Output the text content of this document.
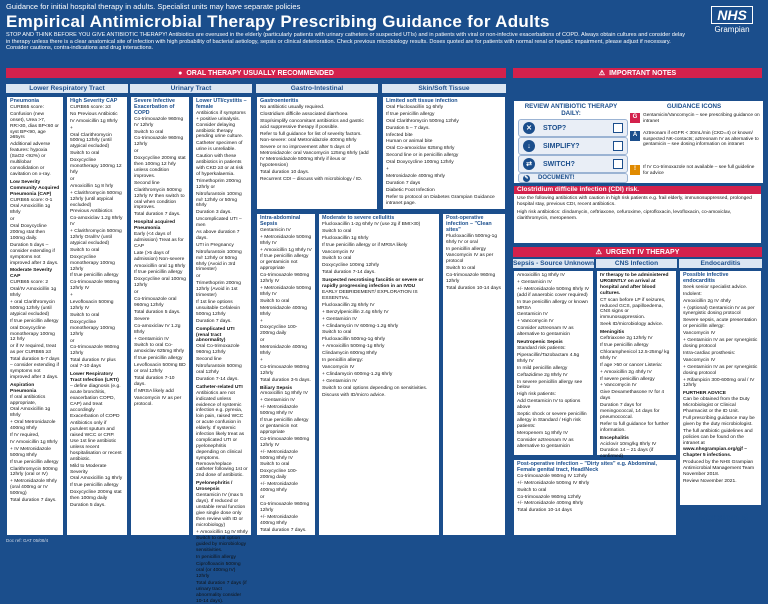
Guidance for initial hospital therapy in adults. Specialist units may have separate policies
Empirical Antimicrobial Therapy Prescribing Guidance for Adults
STOP AND THINK BEFORE YOU GIVE ANTIBIOTIC THERAPY! Antibiotics are overused in the elderly (particularly patients with urinary catheters or suspected UTIs) and in patients with viral or non-infective exacerbations of COPD. Always obtain cultures and consider delay in therapy unless there is a clear anatomical site of infection with high probability of bacterial aetiology, sepsis or clinical deterioration. Check previous microbiology results. Doses quoted are for patients with normal renal or hepatic impairment, please adjust if necessary. Consider cautions, contra-indications and drug interactions.
NHS
Grampian
● ORAL THERAPY USUALLY RECOMMENDED	⚠ IMPORTANT NOTES
Lower Respiratory Tract	Urinary Tract	Gastro-Intestinal	Skin/Soft Tissue
Pneumonia

CURB65 score:

Confusion (new onset), Urea >7, RR>30, dias BP<60 or syst BP<90, age ≥65yrs

Additional adverse features: hypoxia (SaO2 <92%) or multilobar consolidation or cavitation on x-ray.

Low Severity Community Acquired Pneumonia (CAP)

CURB65 score: 0-1

Oral Amoxicillin 1g 8hrly

or

Oral Doxycycline 200mg stat then 100mg daily.

Duration 5 days – consider extending if symptoms not improved after 3 days.

Moderate Severity CAP

CURB65 score: 2

Oral/IV Amoxicillin 1g 8hrly

+ oral Clarithromycin 500mg 12hrly (until atypical excluded)

If true penicillin allergy

oral Doxycycline monotherapy 100mg 12 hrly

or if IV required, treat as per CURB65 ≥3

Total duration 5-7 days – consider extending if symptoms not improved after 3 days.

Aspiration Pneumonia

If oral antibiotics appropriate,

Oral Amoxicillin 1g 8hrly

+ Oral Metronidazole 400mg 8hrly

If IV required,

IV Amoxicillin 1g 8hrly

+ IV Metronidazole 500mg 8hrly

If true penicillin allergy

Clarithromycin 500mg 12hrly (oral or IV)

+ Metronidazole 8hrly (oral 400mg or IV 500mg)

Total duration 7 days.

High Severity CAP

CURB65 score: ≥3

No Previous Antibiotic

IV Amoxicillin 1g 8hrly

+

Oral Clarithromycin 500mg 12hrly (until atypical excluded)

Switch to oral

Doxycycline monotherapy 100mg 12 hrly

or

Amoxicillin 1g 8 hrly

+ Clarithromycin 500mg 12hrly (until atypical excluded)

Previous Antibiotics

Co-amoxiclav 1.2g 8hrly IV

+ Clarithromycin 500mg 12hrly Oral/IV (until atypical excluded)

Switch to oral

Doxycycline monotherapy 100mg 12hrly

If true penicillin allergy

Co-trimoxazole 960mg 12hrly IV

+

Levofloxacin 500mg 12hrly IV

Switch to oral

Doxycycline monotherapy 100mg 12hrly

or

Co-trimoxazole 960mg 12hrly

Total duration IV plus oral 7-10 days

Lower Respiratory Tract Infection (LRTI)

– define diagnosis (e.g. acute bronchitis, exacerbation COPD, CAP) and treat accordingly

Exacerbation of COPD

Antibiotics only if purulent sputum and raised WCC or CRP. Use 1st line antibiotic unless recent hospitalisation or recent antibiotic.

Mild to Moderate Severity

Oral Amoxicillin 1g 8hrly

If true penicillin allergy

Doxycycline 200mg stat then 100mg daily

Duration 5 days.

Severe Infective Exacerbation of COPD

Co-trimoxazole 960mg IV 12hrly

Switch to oral

Co-trimoxazole 960mg 12hrly

or

Doxycycline 200mg stat then 100mg 12 hrly unless condition improves.

Second line

Clarithromycin 500mg 12hrly IV then switch to oral when condition improves.

Total duration 7 days.

Hospital acquired Pneumonia

Early (<4 days of admission) Treat as for CAP

Late (>5 days of admission) Non-severe

Amoxicillin oral 1g 8hrly

If true penicillin allergy

Doxycycline oral 100mg 12hrly

or

Co-trimoxazole oral 960mg 12hrly

Total duration 5 days.

Severe

Co-amoxiclav IV 1.2g 8hrly

+ Gentamicin IV

Switch to oral Co-amoxiclav 625mg 8hrly

If true penicillin allergy

Levofloxacin 500mg BD or oral 12hrly

Total duration 7-10 days.

If MRSA likely add

Vancomycin IV as per protocol.

Lower UTI/cystitis – female

Antibiotics if symptoms + positive urinalysis. Consider delaying antibiotic therapy pending urine culture.

Catheter specimen of urine is unreliable.

Caution with these antibiotics in patients with CKD ≥3 or at risk of hyperkalaemia.

Trimethoprim 200mg 12hrly or

Nitrofurantoin 100mg m/r 12hrly or 50mg 6hrly

Duration 3 days.

Uncomplicated UTI – men

As above duration 7 days.

UTI in Pregnancy

Nitrofurantoin 100mg m/r 12hrly or 50mg 6hrly (Avoid in 3rd trimester)

or

Trimethoprim 200mg 12hrly (Avoid in 1st trimester)

If 1st line options unsuitable Cefalexin 500mg 12hrly

Duration 7 days.

Complicated UTI (renal tract abnormality)

Oral Co-trimoxazole 960mg 12hrly

Second line

Nitrofurantoin 500mg oral 12hrly

Duration 7-14 days.

Catheter-related UTI

Antibiotics are not indicated unless evidence of systemic infection e.g. pyrexia, loin pain, raised WCC or acute confusion in elderly. If systemic infection likely treat as complicated UTI or pyelonephritis depending on clinical symptoms. Remove/replace catheter following 1st or 2nd dose of antibiotic.

Pyelonephritis / Urosepsis

Gentamicin IV (max 5 days). If reduced or unstable renal function give single dose only then review with ID or microbiology)

+ Amoxicillin 1g IV 8hrly

Switch to oral option guided by microbiology sensitivities.

In penicillin allergy

Ciprofloxacin 500mg oral (or 400mg IV) 12hrly

Total duration 7 days (if urinary tract abnormality consider 10-14 days).

Gastroenteritis

No antibiotic usually required.

Clostridium difficile associated diarrhoea

Stop/simplify concomitant antibiotics and gastric acid suppressive therapy if possible.

Refer to full guidance for list of severity factors.

Non-severe: oral Metronidazole 400mg 8hrly

Severe or no improvement after 5 days of Metronidazole: oral Vancomycin 125mg 6hrly (add IV Metronidazole 500mg 8hrly if ileus or hypotension)

Total duration 10 days.

Recurrent CDI – discuss with microbiology / ID.

Intra-abdominal Sepsis

Gentamicin IV

+ Metronidazole 500mg 8hrly IV

+ Amoxicillin 1g 8hrly IV

If true penicillin allergy or gentamicin not appropriate

Co-trimoxazole 960mg 12hrly IV

+ Metronidazole 500mg 8hrly IV

Switch to oral

Metronidazole 400mg 8hrly

+

Doxycycline 100-200mg daily

or

Metronidazole 400mg 8hrly

+

Co-trimoxazole 960mg 12hrly

Total duration 3-5 days.

Biliary Sepsis

Amoxicillin 1g 8hrly IV

+ Gentamicin IV

+/- Metronidazole 500mg 8hrly IV

If true penicillin allergy or gentamicin not appropriate

Co-trimoxazole 960mg 12hrly IV

+/- Metronidazole 500mg 8hrly IV

Switch to oral

Doxycycline 100-200mg daily

+/- Metronidazole 400mg 8hrly

or

Co-trimoxazole 960mg 12hrly

+/- Metronidazole 400mg 8hrly

Total duration 7 days.

Limited soft tissue infection

Oral Flucloxacillin 1g 6hrly

If true penicillin allergy

Oral Clarithromycin 500mg 12hrly

Duration 5 – 7 days.

Infected bite

Human or animal bite

Oral Co-amoxiclav 625mg 8hrly

Second line or in penicillin allergy

Oral Doxycycline 100mg 12hrly

+

Metronidazole 400mg 8hrly

Duration 7 days

Diabetic Foot Infection

Refer to protocol on Diabetes Grampian Guidance intranet page.

Moderate to severe cellulitis

Flucloxacillin 1-2g 6hrly IV (use 2g if BMI>30)

Switch to oral

Flucloxacillin 1g 6hrly

If true penicillin allergy or if MRSA likely

Vancomycin IV

Switch to oral

Doxycycline 100mg 12hrly

Total duration 7-14 days.

Suspected necrotising fasciitis or severe or rapidly progressing infection in an IVDU

EARLY DEBRIDEMENT/ EXPLORATION IS ESSENTIAL

Flucloxacillin 2g 6hrly IV

+ Benzylpenicillin 2.4g 6hrly IV

+ Gentamicin IV

+ Clindamycin IV 600mg-1.2g 6hrly

Switch to oral

Flucloxacillin 500mg-1g 6hrly

+ Amoxicillin 500mg-1g 8hrly

Clindamycin 600mg 8hrly

In penicillin allergy:

Vancomycin IV

+ Clindamycin 600mg-1.2g 6hrly

+ Gentamicin IV

Switch to oral options depending on sensitivities.

Discuss with ID/micro advice.

Post-operative infection – "Clean sites"

Flucloxacillin 500mg-1g 6hrly IV or oral

In penicillin allergy

Vancomycin IV as per protocol

Switch to oral

Co-trimoxazole 960mg 12hrly

Total duration 10-14 days

REVIEW ANTIBIOTIC THERAPY DAILY:
✕	STOP?
↓	SIMPLIFY?
⇄	SWITCH?
✎ DOCUMENT!
GUIDANCE ICONS
G	Gentamicin/Vancomycin – see prescribing guidance on intranet
A	Aztreonam if eGFR < 30mL/min (CKD=4) or known/ suspected NK-contacts; aztreonam IV as alternative to gentamicin – see dosing information on intranet
!	If IV Co-trimoxazole not available – see full guideline for advice
Clostridium difficile infection (CDI) risk.

Use the following antibiotics with caution in high risk patients e.g. frail elderly, immunosuppressed, prolonged hospital stay, previous CDI, recent antibiotics.

High risk antibiotics: clindamycin, ceftriaxone, cefuroxime, ciprofloxacin, levofloxacin, co-amoxiclav, clarithromycin, meropenem.

⚠ URGENT IV THERAPY
Sepsis - Source Unknown	CNS Infection	Endocarditis

Amoxicillin 1g 8hrly IV

+ Gentamicin IV

+/- Metronidazole 500mg 8hrly IV (add if anaerobic cover required)

In true penicillin allergy or known MRSA

Gentamicin IV

+ Vancomycin IV

Consider aztreonam IV as alternative to gentamicin

Neutropenic Sepsis

Standard risk patients:

Piperacillin/Tazobactam 4.5g 8hrly IV

In mild penicillin allergy

Ceftazidime 2g 8hrly IV

In severe penicillin allergy see below

High risk patients:

Add Gentamicin IV to options above

Septic shock or severe penicillin allergy in Standard / High risk patients:

Meropenem 1g 8hrly IV

Consider aztreonam IV as alternative to gentamicin

Post-operative infection – "Dirty sites" e.g. Abdominal, Female genital tract, Head/Neck

Co-trimoxazole 960mg IV 12hrly

+/- Metronidazole 500mg IV 8hrly

Switch to oral

Co-trimoxazole 960mg 12hrly

+/- Metronidazole 400mg 8hrly

Total duration 10-14 days

IV therapy to be administered URGENTLY on arrival at hospital and after blood cultures.

CT scan before LP if seizures, reduced GCS, papilloedema, CNS signs or immunosuppression.

Seek ID/microbiology advice.

Meningitis

Ceftriaxone 2g 12hrly IV

If true penicillin allergy

Chloramphenicol 12.5-25mg/ kg 6hrly IV

If age >50 or cancer Listeria:

+ Amoxicillin 2g 4hrly IV

If severe penicillin allergy

+ Vancomycin IV

Give Dexamethasone IV for 4 days

Duration 7 days for meningococcal, 14 days for pneumococcal.

Refer to full guidance for further information.

Encephalitis

Aciclovir 10mg/kg 8hrly IV

Duration 14 – 21 days (if confirmed)

Possible infective endocarditis

Seek senior specialist advice.

Indolent:

Amoxicillin 2g IV 4hrly

+ (optional) Gentamicin IV as per synergistic dosing protocol

Severe sepsis, acute presentation or penicillin allergy:

Vancomycin IV

+ Gentamicin IV as per synergistic dosing protocol

Intra-cardiac prosthesis:

Vancomycin IV

+ Gentamicin IV as per synergistic dosing protocol

+ Rifampicin 300-600mg oral / IV 12hrly

FURTHER ADVICE

Can be obtained from the Duty Microbiologist or Clinical Pharmacist or the ID Unit.

Full prescribing guidance may be given by the duty microbiologist.

The full antibiotic guidelines and policies can be found on the intranet at

www.nhsgrampian.org/gjf – Chapter 5 infections.

Produced by the NHS Grampian Antimicrobial Management Team November 2018.

Review November 2021.

Version 6
Doc ref: GAT 05/08/4
